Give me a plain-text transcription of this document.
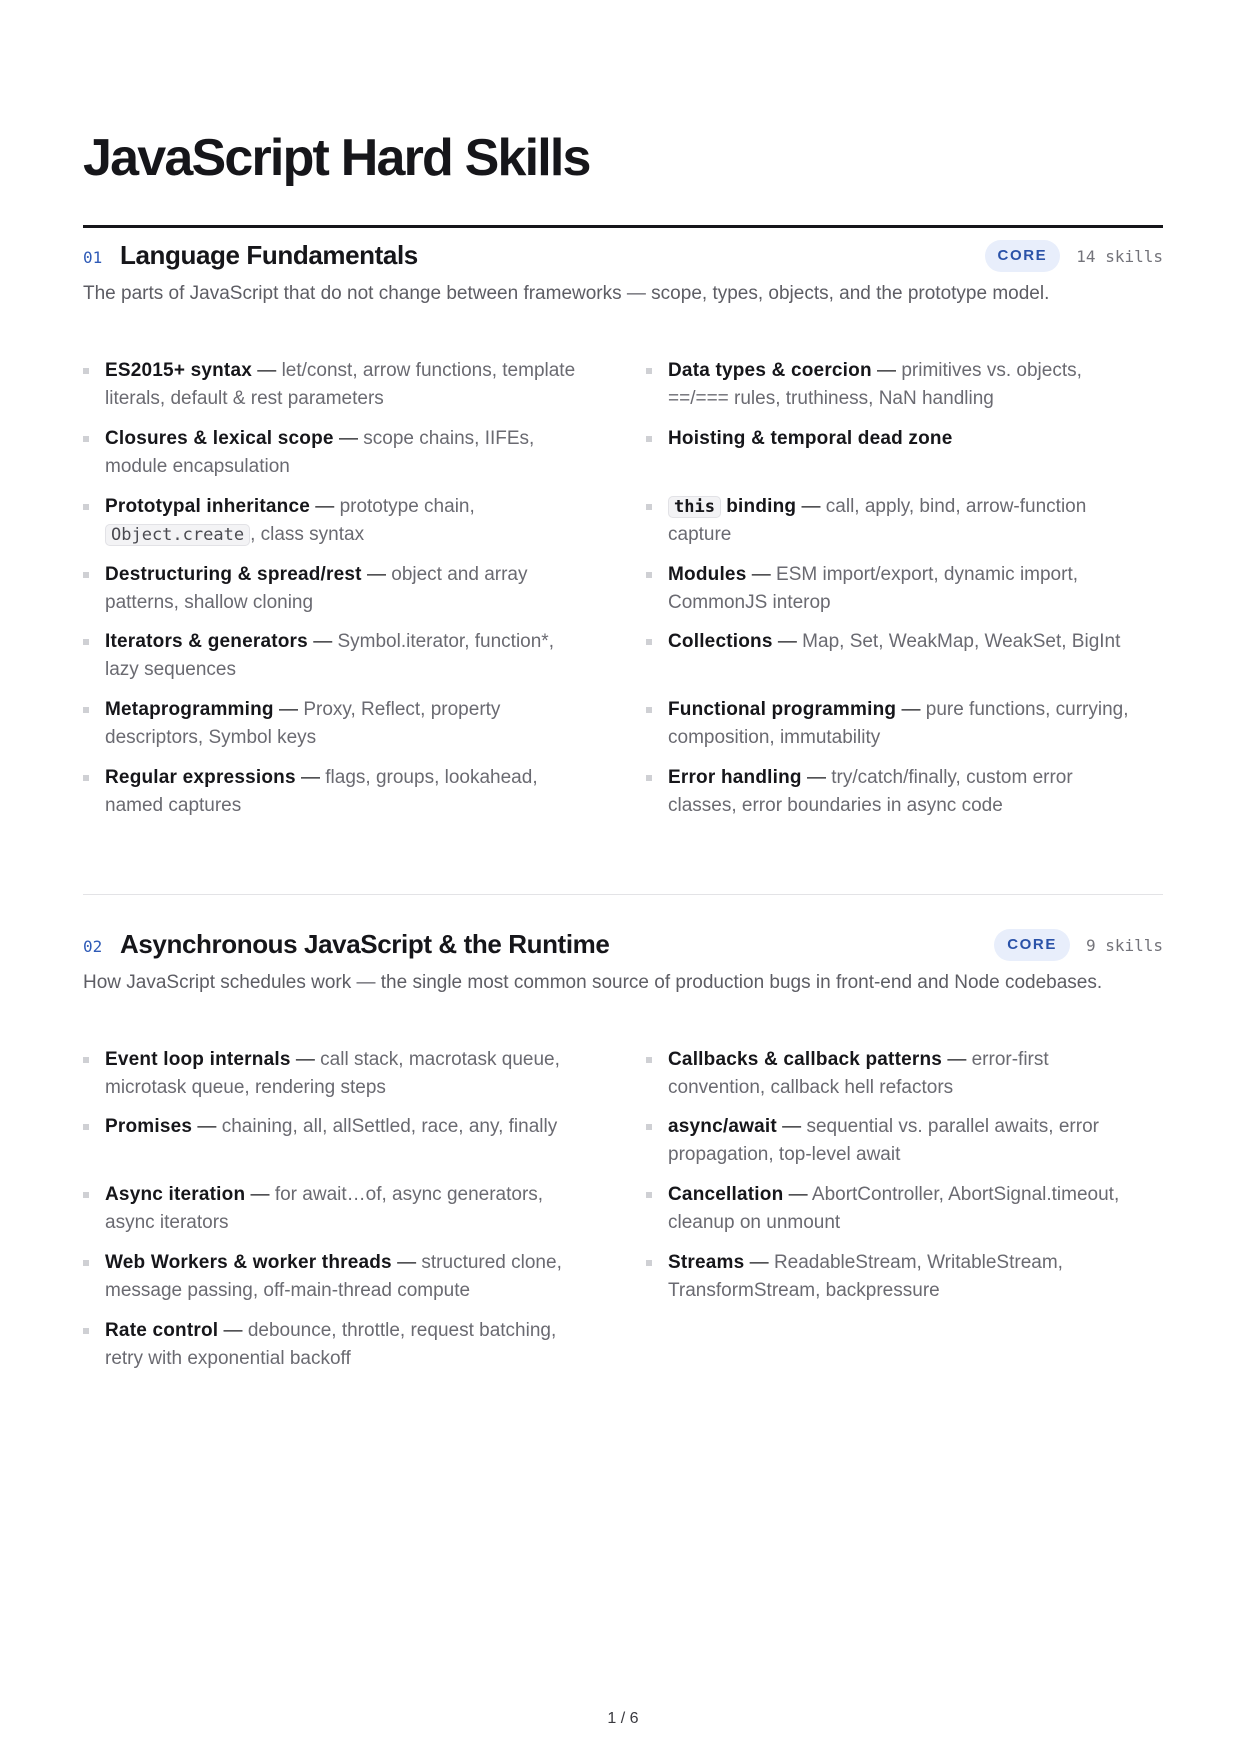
JavaScript Hard Skills
01 Language Fundamentals	CORE	14 skills

The parts of JavaScript that do not change between frameworks — scope, types, objects, and the prototype model.

ES2015+ syntax — let/const, arrow functions, template literals, default & rest parameters
Data types & coercion — primitives vs. objects, ==/=== rules, truthiness, NaN handling
Closures & lexical scope — scope chains, IIFEs, module encapsulation
Hoisting & temporal dead zone
Prototypal inheritance — prototype chain, Object.create , class syntax
this binding — call, apply, bind, arrow-function capture
Destructuring & spread/rest — object and array patterns, shallow cloning
Modules — ESM import/export, dynamic import, CommonJS interop
Iterators & generators — Symbol.iterator, function*, lazy sequences
Collections — Map, Set, WeakMap, WeakSet, BigInt
Metaprogramming — Proxy, Reflect, property descriptors, Symbol keys
Functional programming — pure functions, currying, composition, immutability
Regular expressions — flags, groups, lookahead, named captures
Error handling — try/catch/finally, custom error classes, error boundaries in async code
02 Asynchronous JavaScript & the Runtime	CORE	9 skills

How JavaScript schedules work — the single most common source of production bugs in front-end and Node codebases.

Event loop internals — call stack, macrotask queue, microtask queue, rendering steps
Callbacks & callback patterns — error-first convention, callback hell refactors
Promises — chaining, all, allSettled, race, any, finally	async/await — sequential vs. parallel awaits, error propagation, top-level await
Async iteration — for await…of, async generators, async iterators
Cancellation — AbortController, AbortSignal.timeout, cleanup on unmount
Web Workers & worker threads — structured clone, message passing, off-main-thread compute
Streams — ReadableStream, WritableStream, TransformStream, backpressure
Rate control — debounce, throttle, request batching, retry with exponential backoff
1 / 6
